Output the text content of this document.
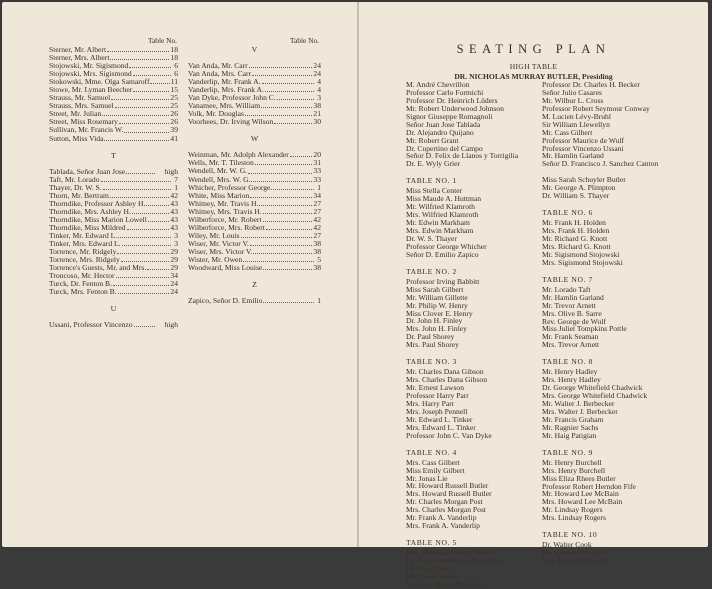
Table No.	Table No.
Sterner, Mr. Albert	18
Sterner, Mrs. Albert	18
Stojowski, Mr. Sigismond	6
Stojowski, Mrs. Sigismond	6
Stokowski, Mme. Olga Samaroff	11
Stowe, Mr. Lyman Beecher	15
Strauss, Mr. Samuel	25
Strauss, Mrs. Samuel	25
Street, Mr. Julian	26
Street, Miss Rosemary	26
Sullivan, Mr. Francis W.	39
Sutton, Miss Vida	41
T
Tablada, Señor Juan Jose	high
Taft, Mr. Lorado	7
Thayer, Dr. W. S.	1
Thorn, Mr. Bertram	42
Thorndike, Professor Ashley H.	43
Thorndike, Mrs. Ashley H.	43
Thorndike, Miss Marion Lowell	43
Thorndike, Miss Mildred	43
Tinker, Mr. Edward L.	3
Tinker, Mrs. Edward L.	3
Torrence, Mr. Ridgely	29
Torrence, Mrs. Ridgely	29
Torrence's Guests, Mr. and Mrs.	29
Troncoso, Mr. Hector	34
Turck, Dr. Fenton B.	24
Turck, Mrs. Fenton B.	24
U
Ussani, Professor Vincenzo	high
V
Van Anda, Mr. Carr	24
Van Anda, Mrs. Carr	24
Vanderlip, Mr. Frank A.	4
Vanderlip, Mrs. Frank A.	4
Van Dyke, Professor John C.	3
Vanamee, Mrs. William	38
Volk, Mr. Douglas	21
Voorhees, Dr. Irving Wilson	30
W
Weinman, Mr. Adolph Alexander	20
Wells, Mr. T. Tileston	31
Wendell, Mr. W. G.	33
Wendell, Mrs. W. G.	33
Whicher, Professor George	1
White, Miss Marion	34
Whitney, Mr. Travis H.	27
Whitney, Mrs. Travis H.	27
Wilberforce, Mr. Robert	42
Wilberforce, Mrs. Robert	42
Wiley, Mr. Louis	27
Wiser, Mr. Victor V.	38
Wiser, Mrs. Victor V.	38
Wister, Mr. Owen	5
Woodward, Miss Louise	38
Z
Zapico, Señor D. Emilio	1
SEATING PLAN
HIGH TABLE
DR. NICHOLAS MURRAY BUTLER, Presiding
M. André Chevrillon
Professor Carlo Formichi
Professor Dr. Heinrich Lüders
Mr. Robert Underwood Johnson
Signor Giuseppe Romagnoli
Señor Juan Jose Tablada
Dr. Alejandro Quijano
Mr. Robert Grant
Dr. Cupertino del Campo
Señor D. Felix de Llanos y Torrigilia
Dr. E. Wyly Grier
TABLE NO. 1
Miss Stella Center
Miss Maude A. Huttman
Mr. Wilfried Klamroth
Mrs. Wilfried Klamroth
Mr. Edwin Markham
Mrs. Edwin Markham
Dr. W. S. Thayer
Professor George Whicher
Señor D. Emilio Zapico
TABLE NO. 2
Professor Irving Babbitt
Miss Sarah Gilbert
Mr. William Gillette
Mr. Philip W. Henry
Miss Clover E. Henry
Dr. John H. Finley
Mrs. John H. Finley
Dr. Paul Shorey
Mrs. Paul Shorey
TABLE NO. 3
Mr. Charles Dana Gibson
Mrs. Charles Dana Gibson
Mr. Ernest Lawson
Professor Harry Parr
Mrs. Harry Parr
Mrs. Joseph Pennell
Mr. Edward L. Tinker
Mrs. Edward L. Tinker
Professor John C. Van Dyke
TABLE NO. 4
Mrs. Cass Gilbert
Miss Emily Gilbert
Mr. Jonas Lie
Mr. Howard Russell Butler
Mrs. Howard Russell Butler
Mr. Charles Morgan Post
Mrs. Charles Morgan Post
Mr. Frank A. Vanderlip
Mrs. Frank A. Vanderlip
TABLE NO. 5
Mrs. Nicholas Murray Butler
Dr. Edwin Anderson Alderman
Dr. Else Lüders
Mr. Owen Wister
Mrs. George A. Plimpton
Professor Dr. Charles H. Becker
Señor Julio Casares
Mr. Wilbur L. Cross
Professor Robert Seymour Conway
M. Lucien Lévy-Bruhl
Sir William Llewellyn
Mr. Cass Gilbert
Professor Maurice de Wulf
Professor Vincenzo Ussani
Mr. Hamlin Garland
Señor D. Francisco J. Sanchez Canton
Miss Sarah Schuyler Butler
Mr. George A. Plimpton
Dr. William S. Thayer
TABLE NO. 6
Mr. Frank H. Holden
Mrs. Frank H. Holden
Mr. Richard G. Knott
Mrs. Richard G. Knott
Mr. Sigismond Stojowski
Mrs. Sigismond Stojowski
TABLE NO. 7
Mr. Lorado Taft
Mr. Hamlin Garland
Mr. Trevor Arnett
Mrs. Olive B. Sarre
Rev. George de Wulf
Miss Juliet Tompkins Pottle
Mr. Frank Seaman
Mrs. Trevor Arnett
TABLE NO. 8
Mr. Henry Hadley
Mrs. Henry Hadley
Dr. George Whitefield Chadwick
Mrs. George Whitefield Chadwick
Mr. Walter J. Berbecker
Mrs. Walter J. Berbecker
Mr. Francis Graham
Mr. Ragnier Sachs
Mr. Haig Patigian
TABLE NO. 9
Mr. Henry Burchell
Mrs. Henry Burchell
Miss Eliza Rhees Butler
Professor Robert Herndon Fife
Mr. Howard Lee McBain
Mrs. Howard Lee McBain
Mr. Lindsay Rogers
Mrs. Lindsay Rogers
TABLE NO. 10
Dr. Walter Cook
Mr. Edmund Dwight
Mrs. Edmund Dwight
